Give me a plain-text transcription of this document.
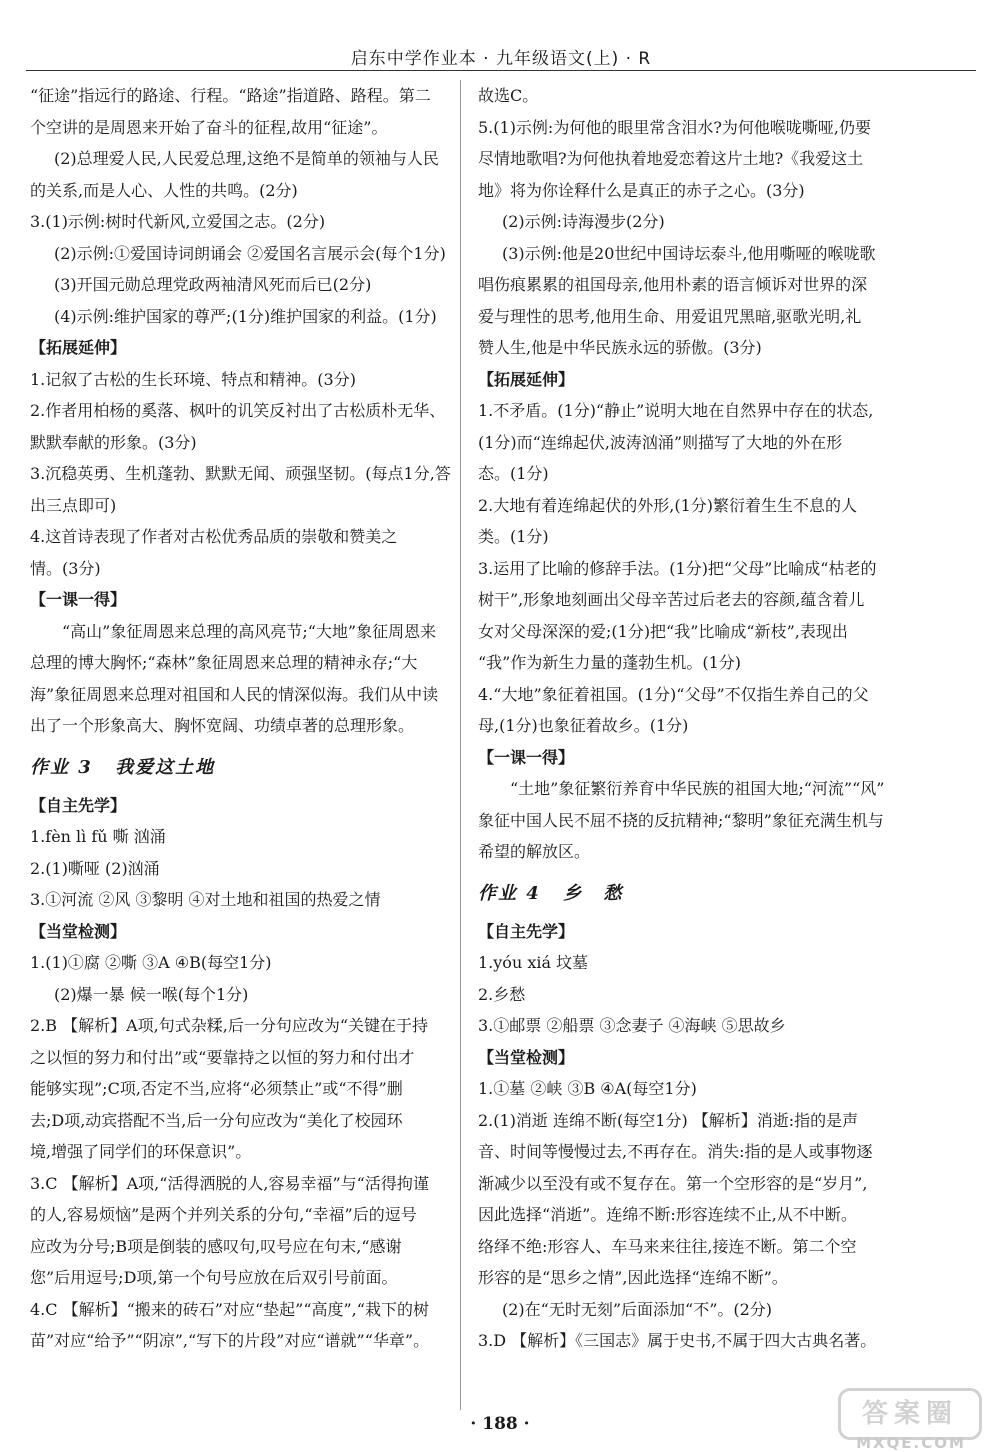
启东中学作业本 · 九年级语文(上) · R

“征途”指远行的路途、行程。“路途”指道路、路程。第二

个空讲的是周恩来开始了奋斗的征程,故用“征途”。

(2)总理爱人民,人民爱总理,这绝不是简单的领袖与人民

的关系,而是人心、人性的共鸣。(2分)

3.(1)示例:树时代新风,立爱国之志。(2分)

(2)示例:①爱国诗词朗诵会 ②爱国名言展示会(每个1分)

(3)开国元勋总理党政两袖清风死而后已(2分)

(4)示例:维护国家的尊严;(1分)维护国家的利益。(1分)

【拓展延伸】

1.记叙了古松的生长环境、特点和精神。(3分)

2.作者用柏杨的奚落、枫叶的讥笑反衬出了古松质朴无华、

默默奉献的形象。(3分)

3.沉稳英勇、生机蓬勃、默默无闻、顽强坚韧。(每点1分,答

出三点即可)

4.这首诗表现了作者对古松优秀品质的崇敬和赞美之

情。(3分)

【一课一得】

“高山”象征周恩来总理的高风亮节;“大地”象征周恩来

总理的博大胸怀;“森林”象征周恩来总理的精神永存;“大

海”象征周恩来总理对祖国和人民的情深似海。我们从中读

出了一个形象高大、胸怀宽阔、功绩卓著的总理形象。

作业 3 我爱这土地

【自主先学】

1.fèn lì fǔ 嘶 汹涌

2.(1)嘶哑 (2)汹涌

3.①河流 ②风 ③黎明 ④对土地和祖国的热爱之情

【当堂检测】

1.(1)①腐 ②嘶 ③A ④B(每空1分)

(2)爆一暴 候一喉(每个1分)

2.B 【解析】A项,句式杂糅,后一分句应改为“关键在于持

之以恒的努力和付出”或“要靠持之以恒的努力和付出才

能够实现”;C项,否定不当,应将“必须禁止”或“不得”删

去;D项,动宾搭配不当,后一分句应改为“美化了校园环

境,增强了同学们的环保意识”。

3.C 【解析】A项,“活得洒脱的人,容易幸福”与“活得拘谨

的人,容易烦恼”是两个并列关系的分句,“幸福”后的逗号

应改为分号;B项是倒装的感叹句,叹号应在句末,“感谢

您”后用逗号;D项,第一个句号应放在后双引号前面。

4.C 【解析】“搬来的砖石”对应“垫起”“高度”,“栽下的树

苗”对应“给予”“阴凉”,“写下的片段”对应“谱就”“华章”。

故选C。

5.(1)示例:为何他的眼里常含泪水?为何他喉咙嘶哑,仍要

尽情地歌唱?为何他执着地爱恋着这片土地?《我爱这土

地》将为你诠释什么是真正的赤子之心。(3分)

(2)示例:诗海漫步(2分)

(3)示例:他是20世纪中国诗坛泰斗,他用嘶哑的喉咙歌

唱伤痕累累的祖国母亲,他用朴素的语言倾诉对世界的深

爱与理性的思考,他用生命、用爱诅咒黑暗,驱歌光明,礼

赞人生,他是中华民族永远的骄傲。(3分)

【拓展延伸】

1.不矛盾。(1分)“静止”说明大地在自然界中存在的状态,

(1分)而“连绵起伏,波涛汹涌”则描写了大地的外在形

态。(1分)

2.大地有着连绵起伏的外形,(1分)繁衍着生生不息的人

类。(1分)

3.运用了比喻的修辞手法。(1分)把“父母”比喻成“枯老的

树干”,形象地刻画出父母辛苦过后老去的容颜,蕴含着儿

女对父母深深的爱;(1分)把“我”比喻成“新枝”,表现出

“我”作为新生力量的蓬勃生机。(1分)

4.“大地”象征着祖国。(1分)“父母”不仅指生养自己的父

母,(1分)也象征着故乡。(1分)

【一课一得】

“土地”象征繁衍养育中华民族的祖国大地;“河流”“风”

象征中国人民不屈不挠的反抗精神;“黎明”象征充满生机与

希望的解放区。

作业 4 乡 愁

【自主先学】

1.yóu xiá 坟墓

2.乡愁

3.①邮票 ②船票 ③念妻子 ④海峡 ⑤思故乡

【当堂检测】

1.①墓 ②峡 ③B ④A(每空1分)

2.(1)消逝 连绵不断(每空1分) 【解析】消逝:指的是声

音、时间等慢慢过去,不再存在。消失:指的是人或事物逐

渐减少以至没有或不复存在。第一个空形容的是“岁月”,

因此选择“消逝”。连绵不断:形容连续不止,从不中断。

络绎不绝:形容人、车马来来往往,接连不断。第二个空

形容的是“思乡之情”,因此选择“连绵不断”。

(2)在“无时无刻”后面添加“不”。(2分)

3.D 【解析】《三国志》属于史书,不属于四大古典名著。

· 188 ·	答案圈
MXQE.COM
